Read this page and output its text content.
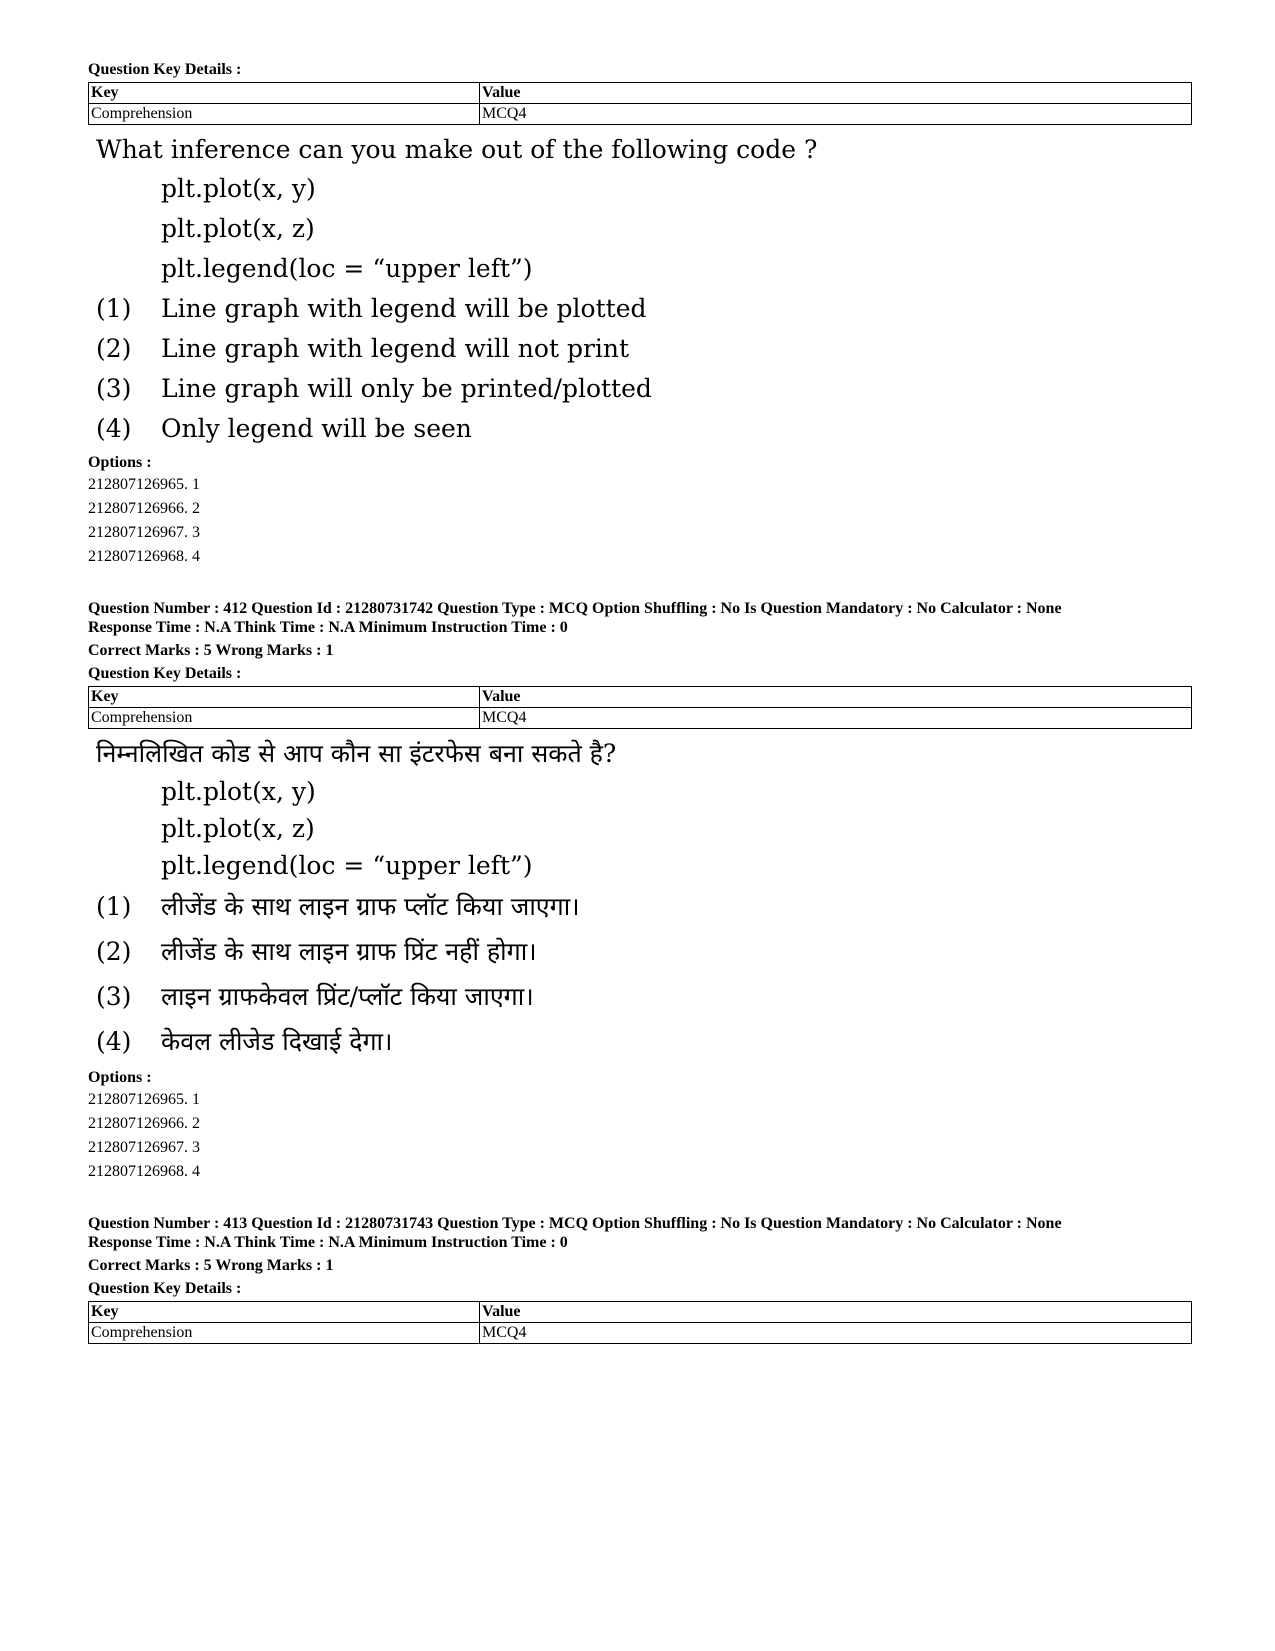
Question Key Details :
Key	Value
Comprehension	MCQ4
What inference can you make out of the following code ?
plt.plot(x, y)
plt.plot(x, z)
plt.legend(loc = “upper left”)
(1)	Line graph with legend will be plotted
(2)	Line graph with legend will not print
(3)	Line graph will only be printed/plotted
(4)	Only legend will be seen
Options :
212807126965. 1
212807126966. 2
212807126967. 3
212807126968. 4
Question Number : 412 Question Id : 21280731742 Question Type : MCQ Option Shuffling : No Is Question Mandatory : No Calculator : None
Response Time : N.A Think Time : N.A Minimum Instruction Time : 0
Correct Marks : 5 Wrong Marks : 1
Question Key Details :
Key	Value
Comprehension	MCQ4
निम्नलिखित कोड से आप कौन सा इंटरफेस बना सकते है?
plt.plot(x, y)
plt.plot(x, z)
plt.legend(loc = “upper left”)
(1)	लीजेंड के साथ लाइन ग्राफ प्लॉट किया जाएगा।
(2)	लीजेंड के साथ लाइन ग्राफ प्रिंट नहीं होगा।
(3)	लाइन ग्राफकेवल प्रिंट/प्लॉट किया जाएगा।
(4)	केवल लीजेड दिखाई देगा।
Options :
212807126965. 1
212807126966. 2
212807126967. 3
212807126968. 4
Question Number : 413 Question Id : 21280731743 Question Type : MCQ Option Shuffling : No Is Question Mandatory : No Calculator : None
Response Time : N.A Think Time : N.A Minimum Instruction Time : 0
Correct Marks : 5 Wrong Marks : 1
Question Key Details :
Key	Value
Comprehension	MCQ4
